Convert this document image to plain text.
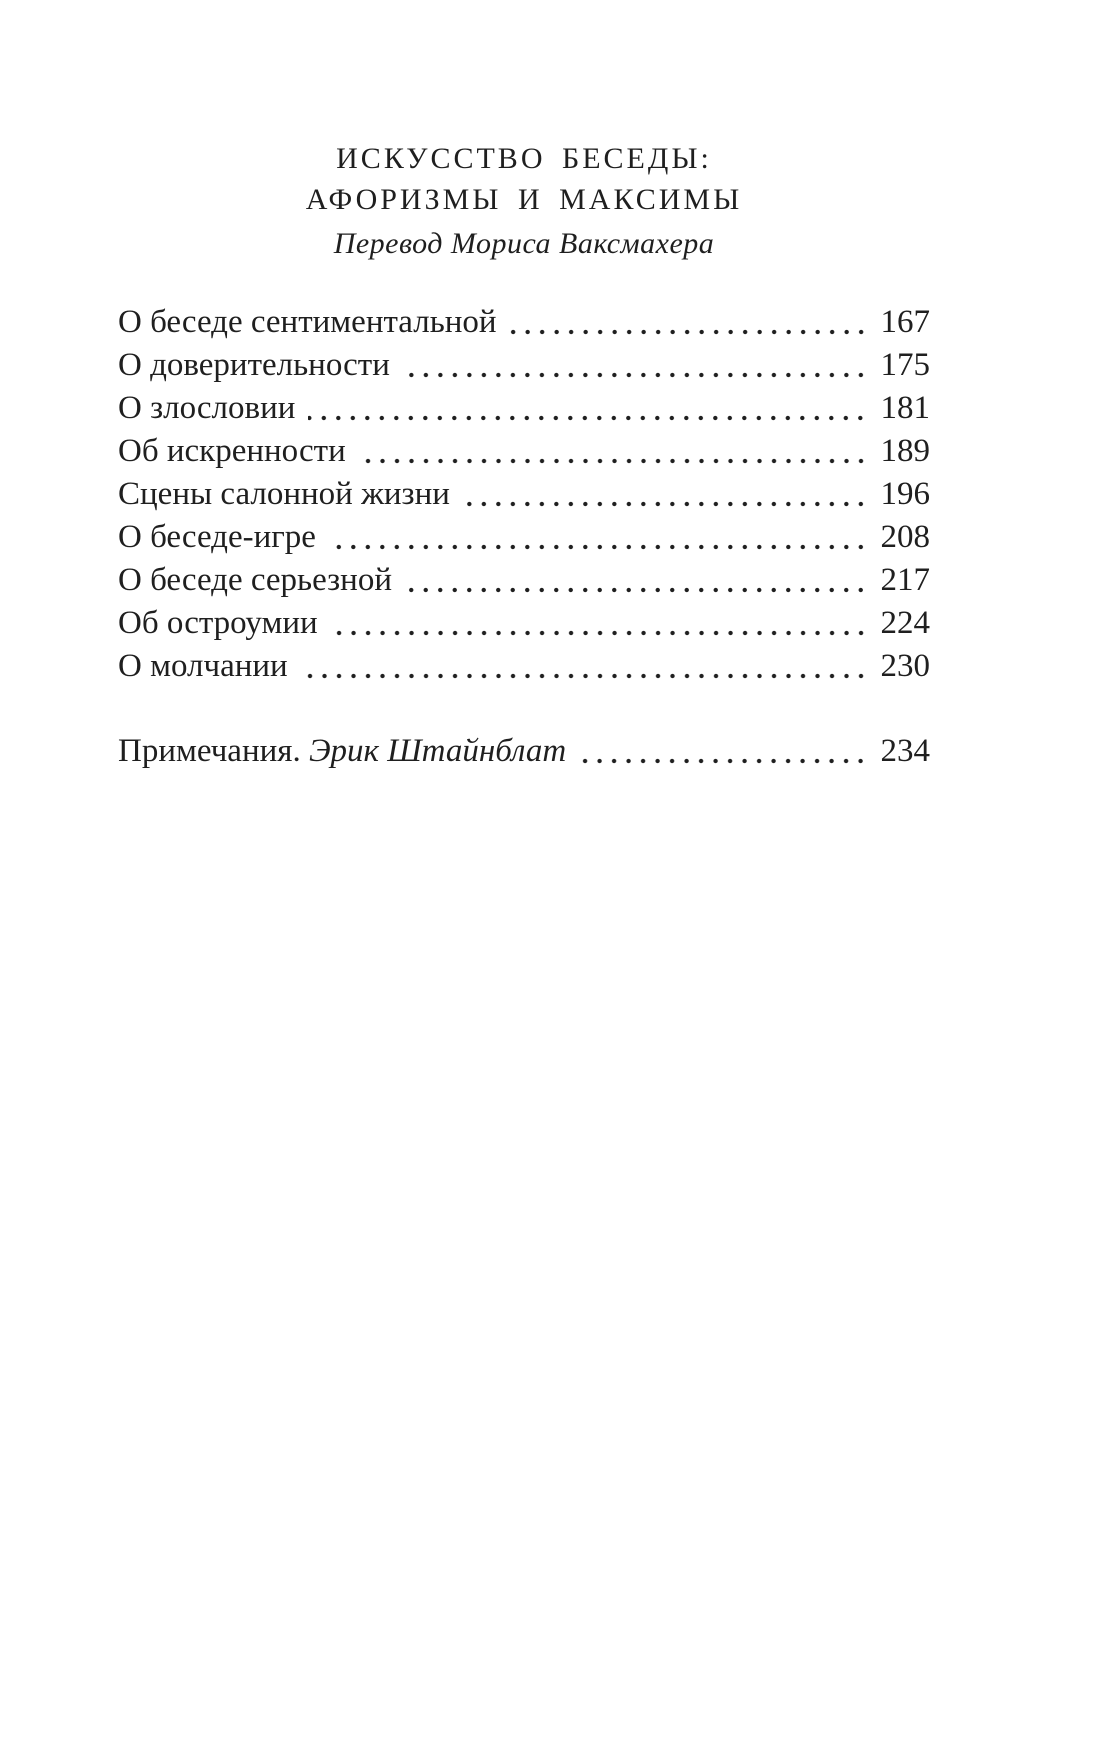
ИСКУССТВО БЕСЕДЫ:
АФОРИЗМЫ И МАКСИМЫ
Перевод Мориса Ваксмахера
О беседе сентиментальной	167
О доверительности	175
О злословии	181
Об искренности	189
Сцены салонной жизни	196
О беседе-игре	208
О беседе серьезной	217
Об остроумии	224
О молчании	230
Примечания. Эрик Штайнблат	234
